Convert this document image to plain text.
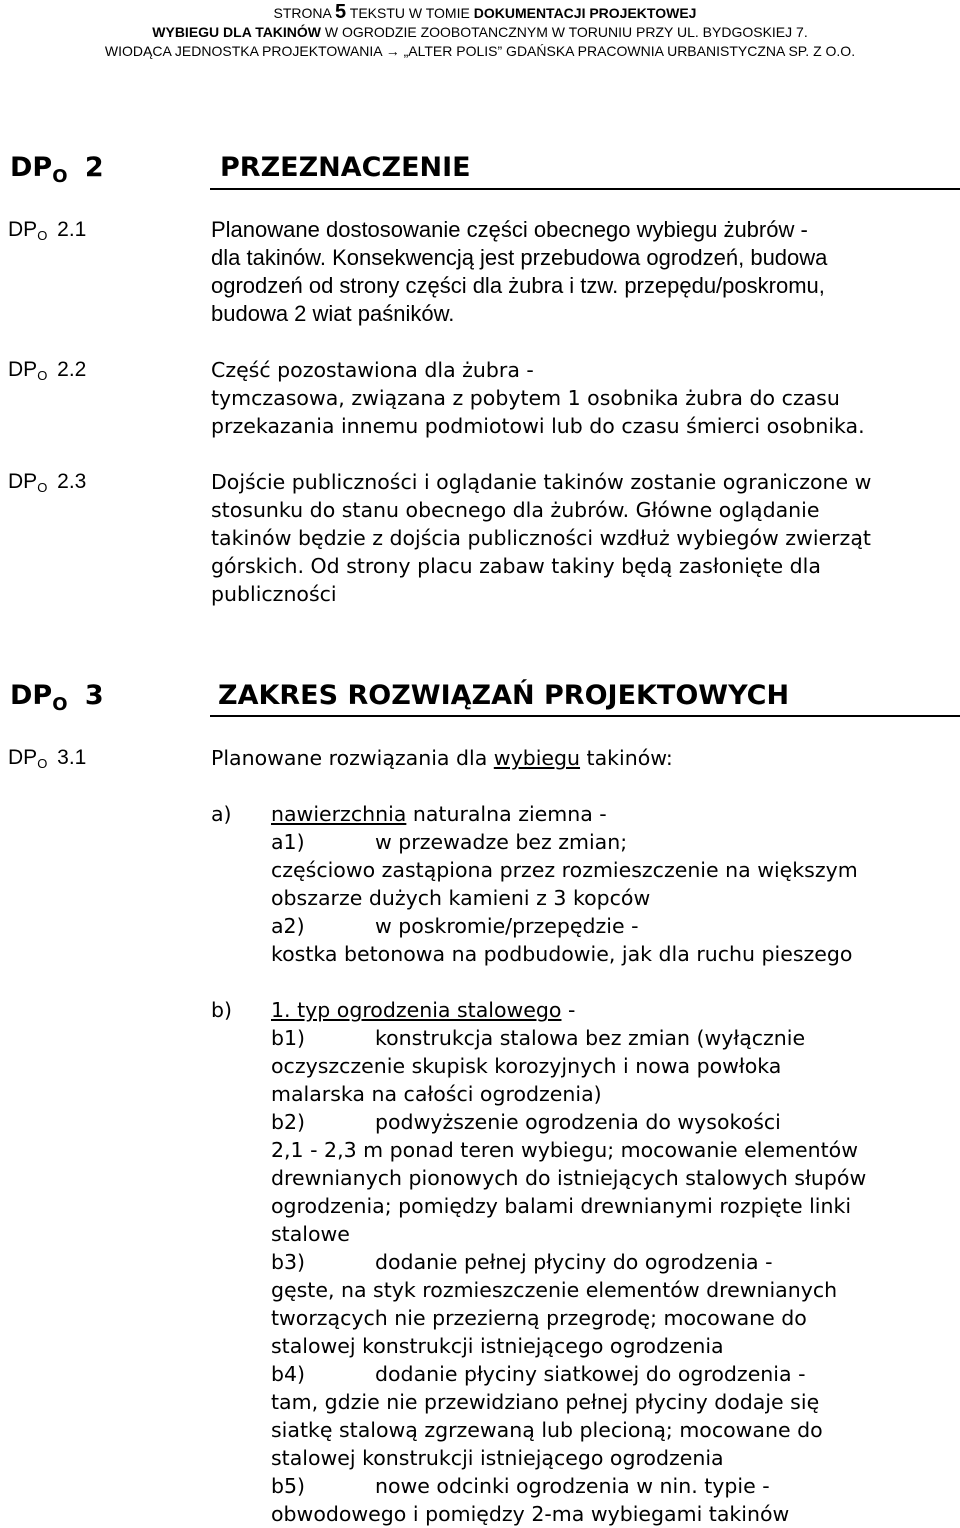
STRONA 5 TEKSTU W TOMIE DOKUMENTACJI PROJEKTOWEJ
WYBIEGU DLA TAKINÓW W OGRODZIE ZOOBOTANCZNYM W TORUNIU PRZY UL. BYDGOSKIEJ 7.
WIODĄCA JEDNOSTKA PROJEKTOWANIA → „ALTER POLIS” GDAŃSKA PRACOWNIA URBANISTYCZNA SP. Z O.O.
$DP_O$ 2	PRZEZNACZENIE
$DP_O$ 2.1	Planowane dostosowanie części obecnego wybiegu żubrów -
dla takinów. Konsekwencją jest przebudowa ogrodzeń, budowa
ogrodzeń od strony części dla żubra i tzw. przepędu/poskromu,
budowa 2 wiat paśników.
$DP_O$ 2.2	Część pozostawiona dla żubra -
tymczasowa, związana z pobytem 1 osobnika żubra do czasu
przekazania innemu podmiotowi lub do czasu śmierci osobnika.
$DP_O$ 2.3	Dojście publiczności i oglądanie takinów zostanie ograniczone w
stosunku do stanu obecnego dla żubrów. Główne oglądanie
takinów będzie z dojścia publiczności wzdłuż wybiegów zwierząt
górskich. Od strony placu zabaw takiny będą zasłonięte dla
publiczności
$DP_O$ 3	ZAKRES ROZWIĄZAŃ PROJEKTOWYCH
$DP_O$ 3.1	Planowane rozwiązania dla wybiegu takinów:
a) nawierzchnia naturalna ziemna -
a1)	w przewadze bez zmian;
częściowo zastąpiona przez rozmieszczenie na większym
obszarze dużych kamieni z 3 kopców
a2)	w poskromie/przepędzie -
kostka betonowa na podbudowie, jak dla ruchu pieszego
b) 1. typ ogrodzenia stalowego -
b1)	konstrukcja stalowa bez zmian (wyłącznie
oczyszczenie skupisk korozyjnych i nowa powłoka
malarska na całości ogrodzenia)
b2)	podwyższenie ogrodzenia do wysokości
2,1 - 2,3 m ponad teren wybiegu; mocowanie elementów
drewnianych pionowych do istniejących stalowych słupów
ogrodzenia; pomiędzy balami drewnianymi rozpięte linki
stalowe
b3)	dodanie pełnej płyciny do ogrodzenia -
gęste, na styk rozmieszczenie elementów drewnianych
tworzących nie przezierną przegrodę; mocowane do
stalowej konstrukcji istniejącego ogrodzenia
b4)	dodanie płyciny siatkowej do ogrodzenia -
tam, gdzie nie przewidziano pełnej płyciny dodaje się
siatkę stalową zgrzewaną lub plecioną; mocowane do
stalowej konstrukcji istniejącego ogrodzenia
b5)	nowe odcinki ogrodzenia w nin. typie -
obwodowego i pomiędzy 2-ma wybiegami takinów
